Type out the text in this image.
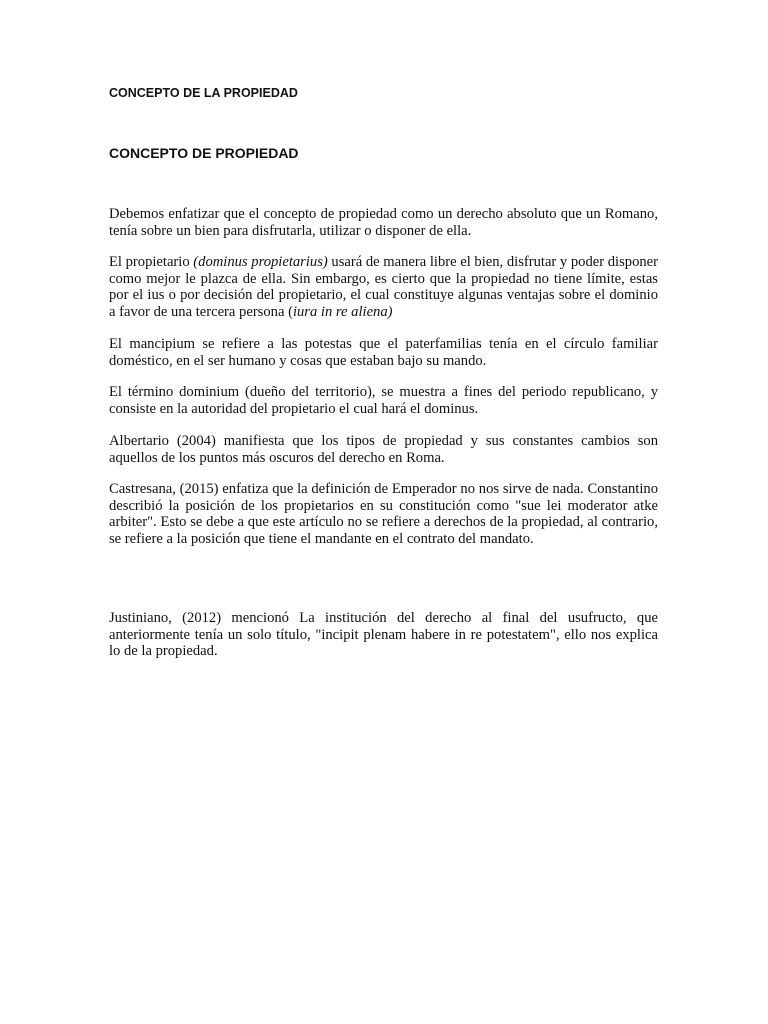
CONCEPTO DE LA PROPIEDAD
CONCEPTO DE PROPIEDAD

Debemos enfatizar que el concepto de propiedad como un derecho absoluto que un Romano, tenía sobre un bien para disfrutarla, utilizar o disponer de ella.

El propietario (dominus propietarius) usará de manera libre el bien, disfrutar y poder disponer como mejor le plazca de ella. Sin embargo, es cierto que la propiedad no tiene límite, estas por el ius o por decisión del propietario, el cual constituye algunas ventajas sobre el dominio a favor de una tercera persona (iura in re aliena)

El mancipium se refiere a las potestas que el paterfamilias tenía en el círculo familiar doméstico, en el ser humano y cosas que estaban bajo su mando.

El término dominium (dueño del territorio), se muestra a fines del periodo republicano, y consiste en la autoridad del propietario el cual hará el dominus.

Albertario (2004) manifiesta que los tipos de propiedad y sus constantes cambios son aquellos de los puntos más oscuros del derecho en Roma.

Castresana, (2015) enfatiza que la definición de Emperador no nos sirve de nada. Constantino describió la posición de los propietarios en su constitución como "sue lei moderator atke arbiter". Esto se debe a que este artículo no se refiere a derechos de la propiedad, al contrario, se refiere a la posición que tiene el mandante en el contrato del mandato.

Justiniano, (2012) mencionó La institución del derecho al final del usufructo, que anteriormente tenía un solo título, "incipit plenam habere in re potestatem", ello nos explica lo de la propiedad.
